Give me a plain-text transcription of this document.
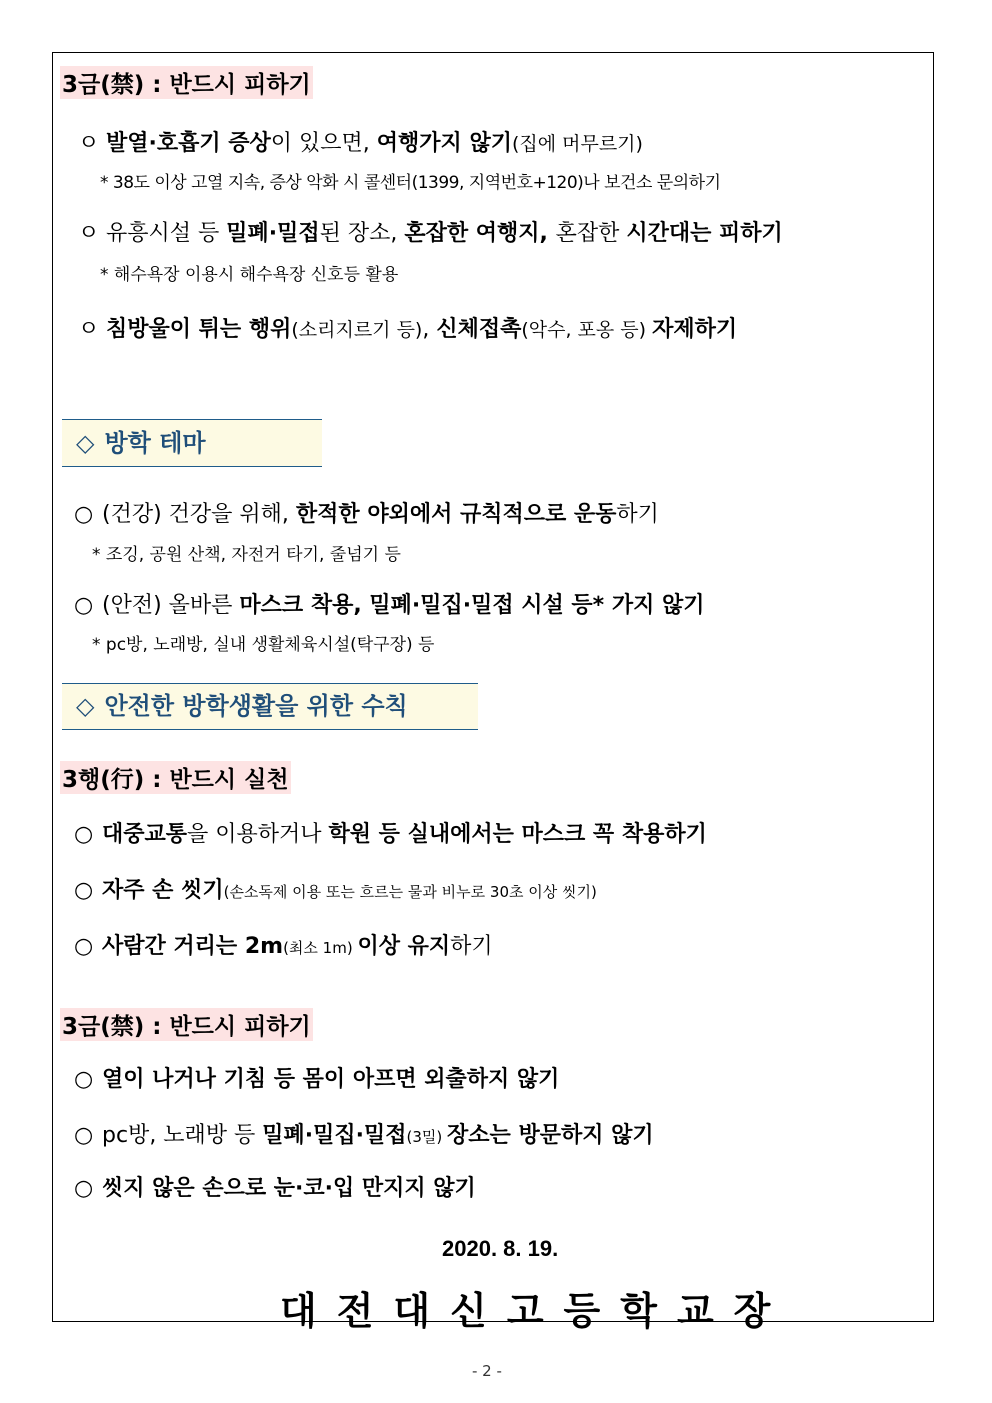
3금(禁) : 반드시 피하기
ㅇ 발열·호흡기 증상이 있으면, 여행가지 않기(집에 머무르기)
* 38도 이상 고열 지속, 증상 악화 시 콜센터(1399, 지역번호+120)나 보건소 문의하기
ㅇ 유흥시설 등 밀폐·밀접된 장소, 혼잡한 여행지, 혼잡한 시간대는 피하기
* 해수욕장 이용시 해수욕장 신호등 활용
ㅇ 침방울이 튀는 행위(소리지르기 등), 신체접촉(악수, 포옹 등) 자제하기
◇ 방학 테마
○ (건강) 건강을 위해, 한적한 야외에서 규칙적으로 운동하기
* 조깅, 공원 산책, 자전거 타기, 줄넘기 등
○ (안전) 올바른 마스크 착용, 밀폐·밀집·밀접 시설 등* 가지 않기
* pc방, 노래방, 실내 생활체육시설(탁구장) 등
◇ 안전한 방학생활을 위한 수칙
3행(行) : 반드시 실천
○ 대중교통을 이용하거나 학원 등 실내에서는 마스크 꼭 착용하기
○ 자주 손 씻기(손소독제 이용 또는 흐르는 물과 비누로 30초 이상 씻기)
○ 사람간 거리는 2m(최소 1m) 이상 유지하기
3금(禁) : 반드시 피하기
○ 열이 나거나 기침 등 몸이 아프면 외출하지 않기
○ pc방, 노래방 등 밀폐·밀집·밀접(3밀) 장소는 방문하지 않기
○ 씻지 않은 손으로 눈·코·입 만지지 않기
2020. 8. 19.
대전대신고등학교장
- 2 -
